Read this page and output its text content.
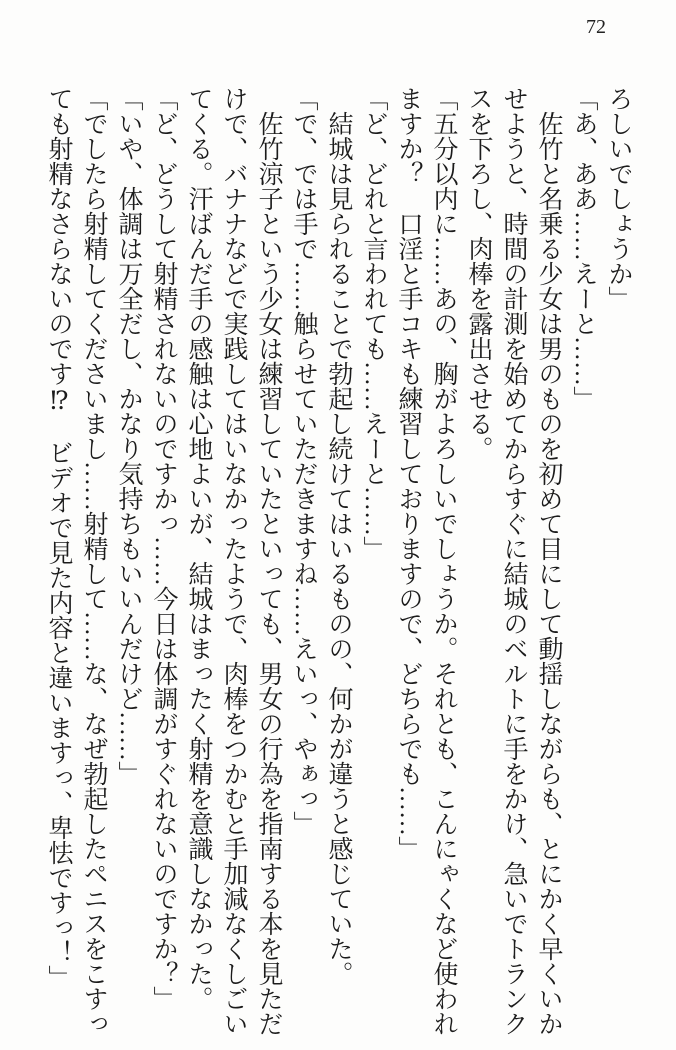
72

ろしいでしょうか」

「あ、ああ……えーと……」

　佐竹と名乗る少女は男のものを初めて目にして動揺しながらも、とにかく早くいかせようと、時間の計測を始めてからすぐに結城のベルトに手をかけ、急いでトランクスを下ろし、肉棒を露出させる。

「五分以内に……あの、胸がよろしいでしょうか。それとも、こんにゃくなど使われますか？　口淫と手コキも練習しておりますので、どちらでも……」

「ど、どれと言われても……えーと……」

　結城は見られることで勃起し続けてはいるものの、何かが違うと感じていた。

「で、では手で……触らせていただきますね……えいっ、やぁっ」

　佐竹涼子という少女は練習していたといっても、男女の行為を指南する本を見ただけで、バナナなどで実践してはいなかったようで、肉棒をつかむと手加減なくしごいてくる。汗ばんだ手の感触は心地よいが、結城はまったく射精を意識しなかった。

「ど、どうして射精されないのですかっ……今日は体調がすぐれないのですか？」

「いや、体調は万全だし、かなり気持ちもいいんだけど……」

「でしたら射精してくださいまし……射精して……な、なぜ勃起したペニスをこすっても射精なさらないのです⁉　ビデオで見た内容と違いますっ、卑怯ですっ！」
